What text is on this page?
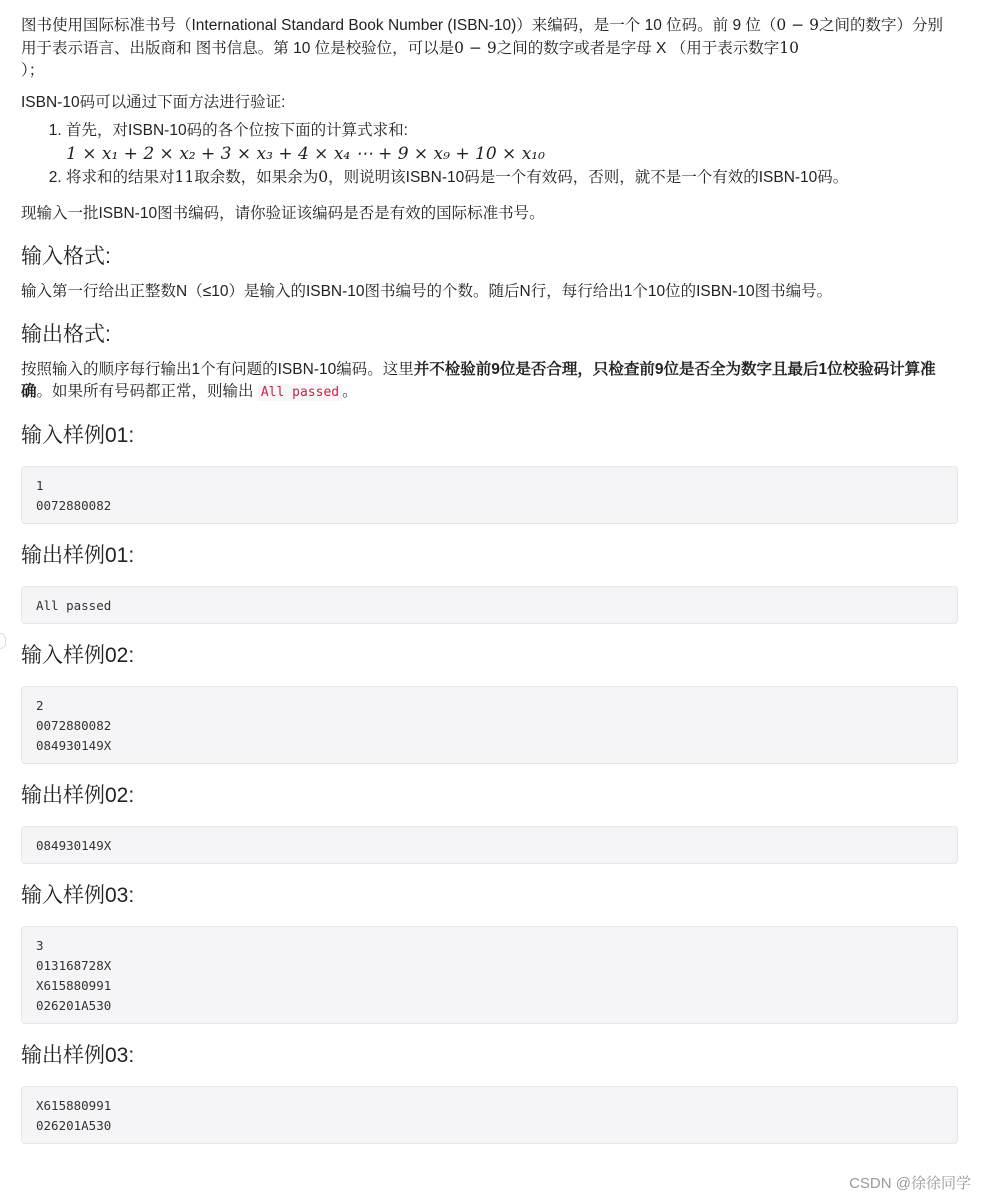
图书使用国际标准书号（International Standard Book Number (ISBN-10)）来编码，是一个 10 位码。前 9 位（0 − 9之间的数字）分别用于表示语言、出版商和 图书信息。第 10 位是校验位，可以是0 − 9之间的数字或者是字母 X （用于表示数字10
）；

ISBN-10码可以通过下面方法进行验证:

1. 首先，对ISBN-10码的各个位按下面的计算式求和:
1 × x₁ + 2 × x₂ + 3 × x₃ + 4 × x₄ ⋯ + 9 × x₉ + 10 × x₁₀
2. 将求和的结果对11取余数，如果余为0，则说明该ISBN-10码是一个有效码，否则，就不是一个有效的ISBN-10码。

现输入一批ISBN-10图书编码，请你验证该编码是否是有效的国际标准书号。

输入格式:

输入第一行给出正整数N（≤10）是输入的ISBN-10图书编号的个数。随后N行，每行给出1个10位的ISBN-10图书编号。

输出格式:

按照输入的顺序每行输出1个有问题的ISBN-10编码。这里并不检验前9位是否合理，只检查前9位是否全为数字且最后1位校验码计算准确。如果所有号码都正常，则输出 All passed 。

输入样例01:
1
0072880082
输出样例01:
All passed
输入样例02:
2
0072880082
084930149X
输出样例02:
084930149X
输入样例03:
3
013168728X
X615880991
026201A530
输出样例03:
X615880991
026201A530
CSDN @徐徐同学
